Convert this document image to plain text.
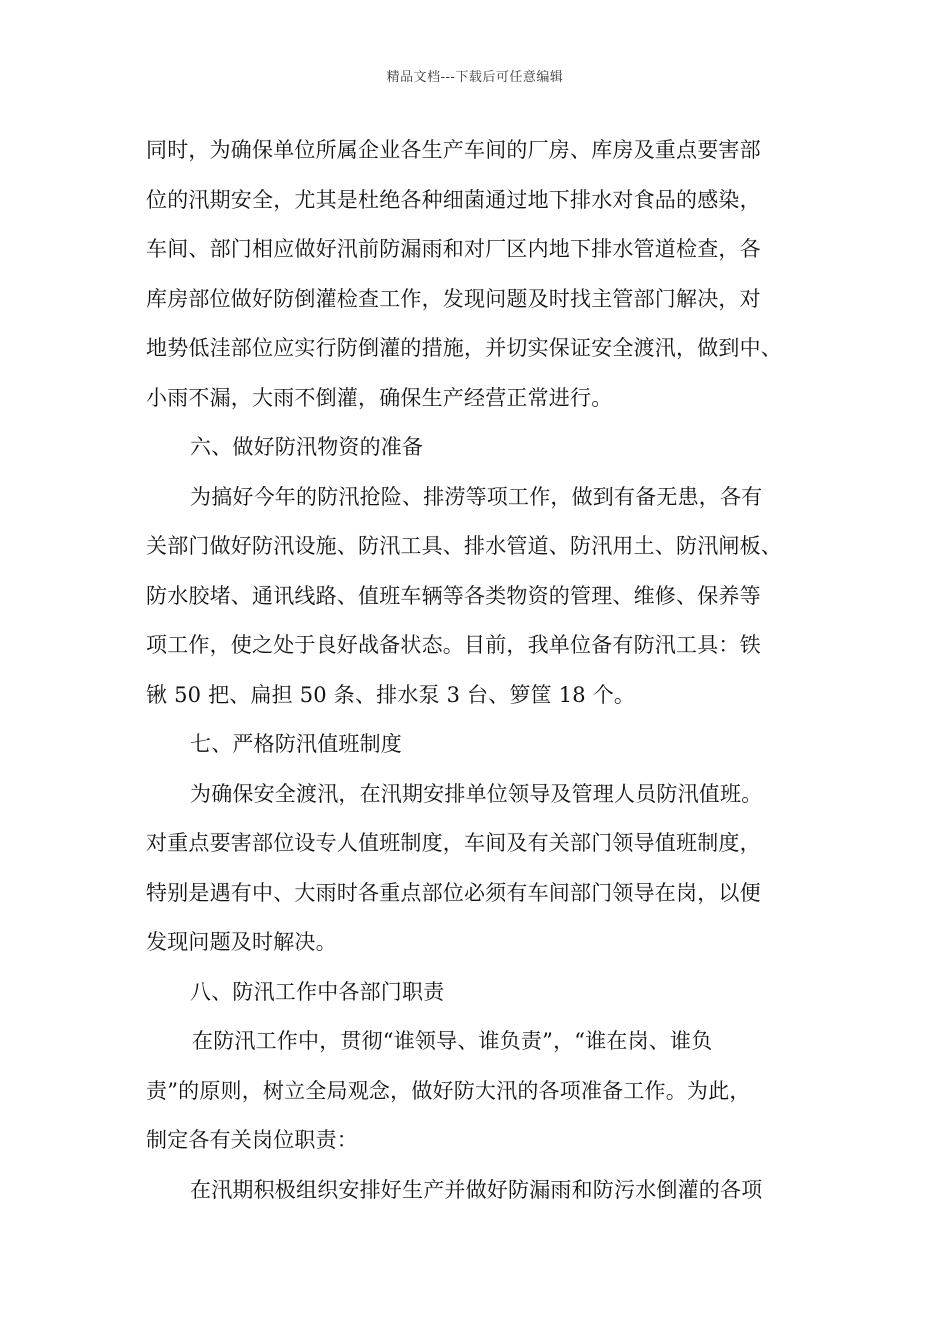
精品文档---下载后可任意编辑
同时，为确保单位所属企业各生产车间的厂房、库房及重点要害部
位的汛期安全，尤其是杜绝各种细菌通过地下排水对食品的感染，
车间、部门相应做好汛前防漏雨和对厂区内地下排水管道检查，各
库房部位做好防倒灌检查工作，发现问题及时找主管部门解决，对
地势低洼部位应实行防倒灌的措施，并切实保证安全渡汛，做到中、
小雨不漏，大雨不倒灌，确保生产经营正常进行。
六、做好防汛物资的准备
为搞好今年的防汛抢险、排涝等项工作，做到有备无患，各有
关部门做好防汛设施、防汛工具、排水管道、防汛用土、防汛闸板、
防水胶堵、通讯线路、值班车辆等各类物资的管理、维修、保养等
项工作，使之处于良好战备状态。目前，我单位备有防汛工具：铁
锹 50 把、扁担 50 条、排水泵 3 台、箩筐 18 个。
七、严格防汛值班制度
为确保安全渡汛，在汛期安排单位领导及管理人员防汛值班。
对重点要害部位设专人值班制度，车间及有关部门领导值班制度，
特别是遇有中、大雨时各重点部位必须有车间部门领导在岗，以便
发现问题及时解决。
八、防汛工作中各部门职责
在防汛工作中，贯彻“谁领导、谁负责”，“谁在岗、谁负
责”的原则，树立全局观念，做好防大汛的各项准备工作。为此，
制定各有关岗位职责：
在汛期积极组织安排好生产并做好防漏雨和防污水倒灌的各项
